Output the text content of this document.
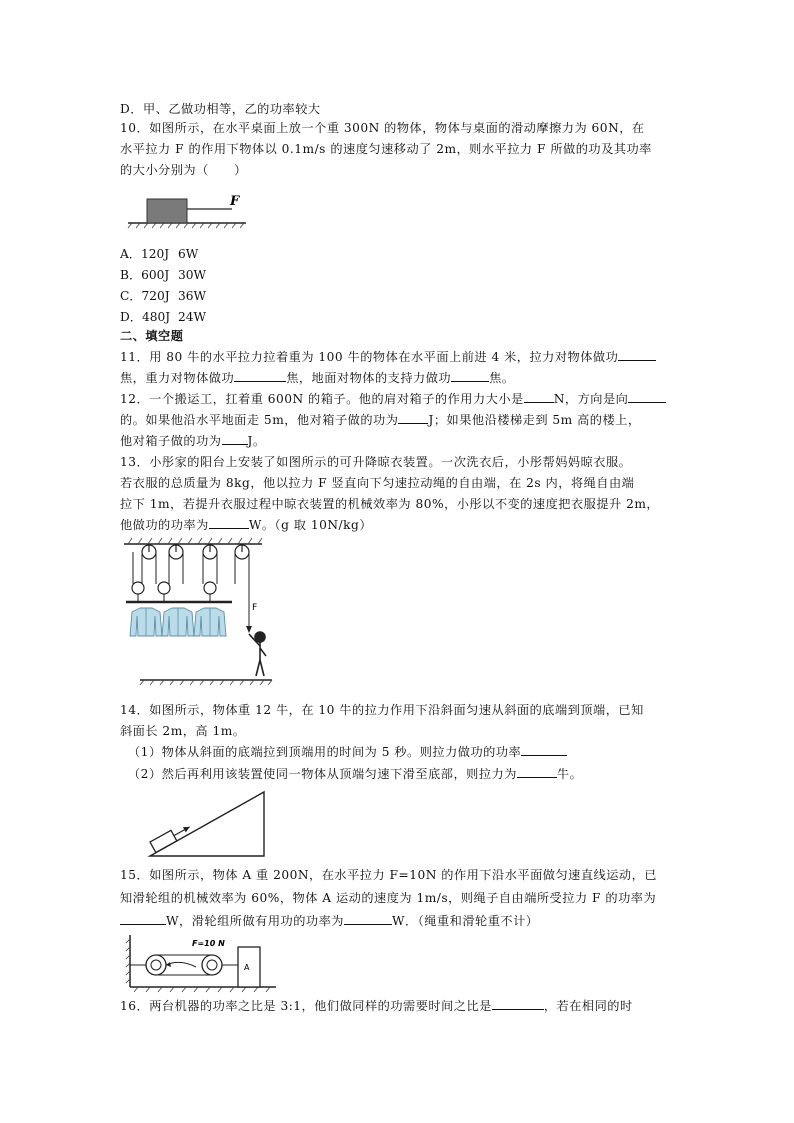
D．甲、乙做功相等，乙的功率较大
10．如图所示，在水平桌面上放一个重 300N 的物体，物体与桌面的滑动摩擦力为 60N，在
水平拉力 F 的作用下物体以 0.1m/s 的速度匀速移动了 2m，则水平拉力 F 所做的功及其功率
的大小分别为（　　）
F
A．120J 6W
B．600J 30W
C．720J 36W
D．480J 24W
二、填空题
11．用 80 牛的水平拉力拉着重为 100 牛的物体在水平面上前进 4 米，拉力对物体做功
焦，重力对物体做功	焦，地面对物体的支持力做功	焦。
12．一个搬运工，扛着重 600N 的箱子。他的肩对箱子的作用力大小是 N，方向是向
的。如果他沿水平地面走 5m，他对箱子做的功为 J；如果他沿楼梯走到 5m 高的楼上，
他对箱子做的功为 J。
13．小彤家的阳台上安装了如图所示的可升降晾衣装置。一次洗衣后，小彤帮妈妈晾衣服。
若衣服的总质量为 8kg，他以拉力 F 竖直向下匀速拉动绳的自由端，在 2s 内，将绳自由端
拉下 1m，若提升衣服过程中晾衣装置的机械效率为 80%，小彤以不变的速度把衣服提升 2m，
他做功的功率为	W。（g 取 10N/kg）
F
14．如图所示，物体重 12 牛，在 10 牛的拉力作用下沿斜面匀速从斜面的底端到顶端，已知
斜面长 2m，高 1m。
（1）物体从斜面的底端拉到顶端用的时间为 5 秒。则拉力做功的功率
（2）然后再利用该装置使同一物体从顶端匀速下滑至底部，则拉力为	牛。
15．如图所示，物体 A 重 200N，在水平拉力 F=10N 的作用下沿水平面做匀速直线运动，已
知滑轮组的机械效率为 60%，物体 A 运动的速度为 1m/s，则绳子自由端所受拉力 F 的功率为
W，滑轮组所做有用功的功率为	W．（绳重和滑轮重不计）
A
F=10 N
16．两台机器的功率之比是 3:1，他们做同样的功需要时间之比是	，若在相同的时
